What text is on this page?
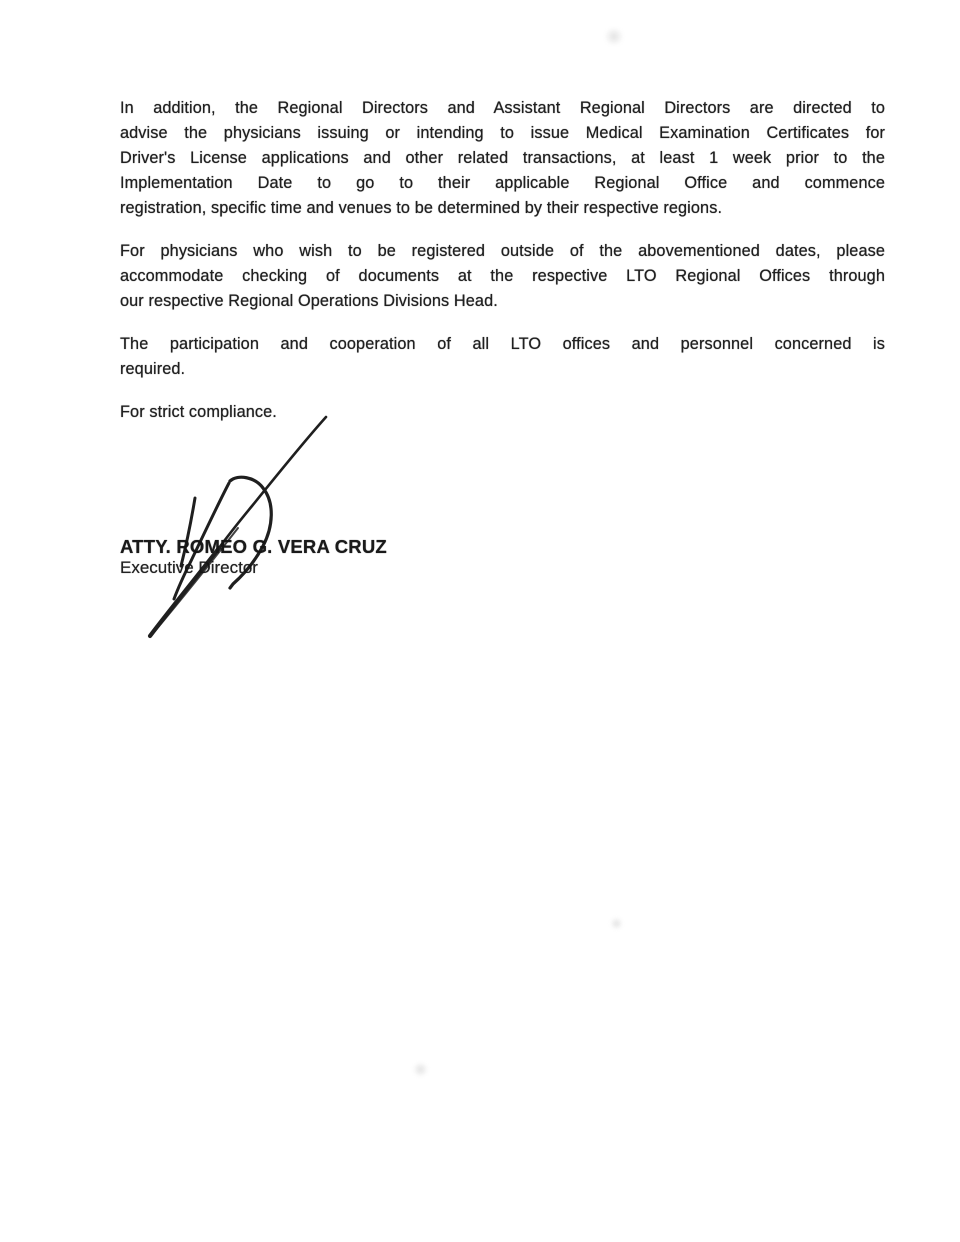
In addition, the Regional Directors and Assistant Regional Directors are directed to
advise the physicians issuing or intending to issue Medical Examination Certificates for
Driver's License applications and other related transactions, at least 1 week prior to the
Implementation Date to go to their applicable Regional Office and commence
registration, specific time and venues to be determined by their respective regions.
For physicians who wish to be registered outside of the abovementioned dates, please
accommodate checking of documents at the respective LTO Regional Offices through
our respective Regional Operations Divisions Head.
The participation and cooperation of all LTO offices and personnel concerned is
required.
For strict compliance.
ATTY. ROMEO G. VERA CRUZ
Executive Director
